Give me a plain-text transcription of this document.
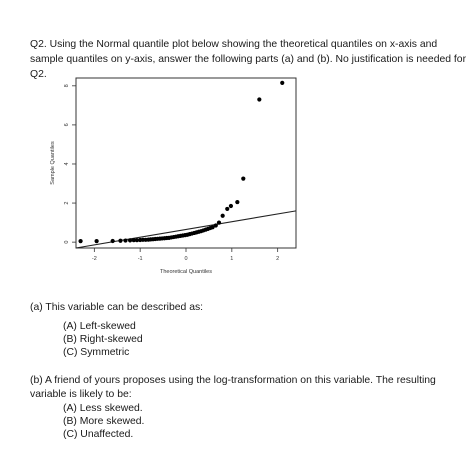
Q2. Using the Normal quantile plot below showing the theoretical quantiles on x-axis and sample quantiles on y-axis, answer the following parts (a) and (b). No justification is needed for Q2.

-2	-1	0	1	2
0
2
4
6
8
Theoretical Quantiles
Sample Quantiles

(a) This variable can be described as:

(A) Left-skewed
(B) Right-skewed
(C) Symmetric

(b) A friend of yours proposes using the log-transformation on this variable. The resulting variable is likely to be:

(A) Less skewed.
(B) More skewed.
(C) Unaffected.
